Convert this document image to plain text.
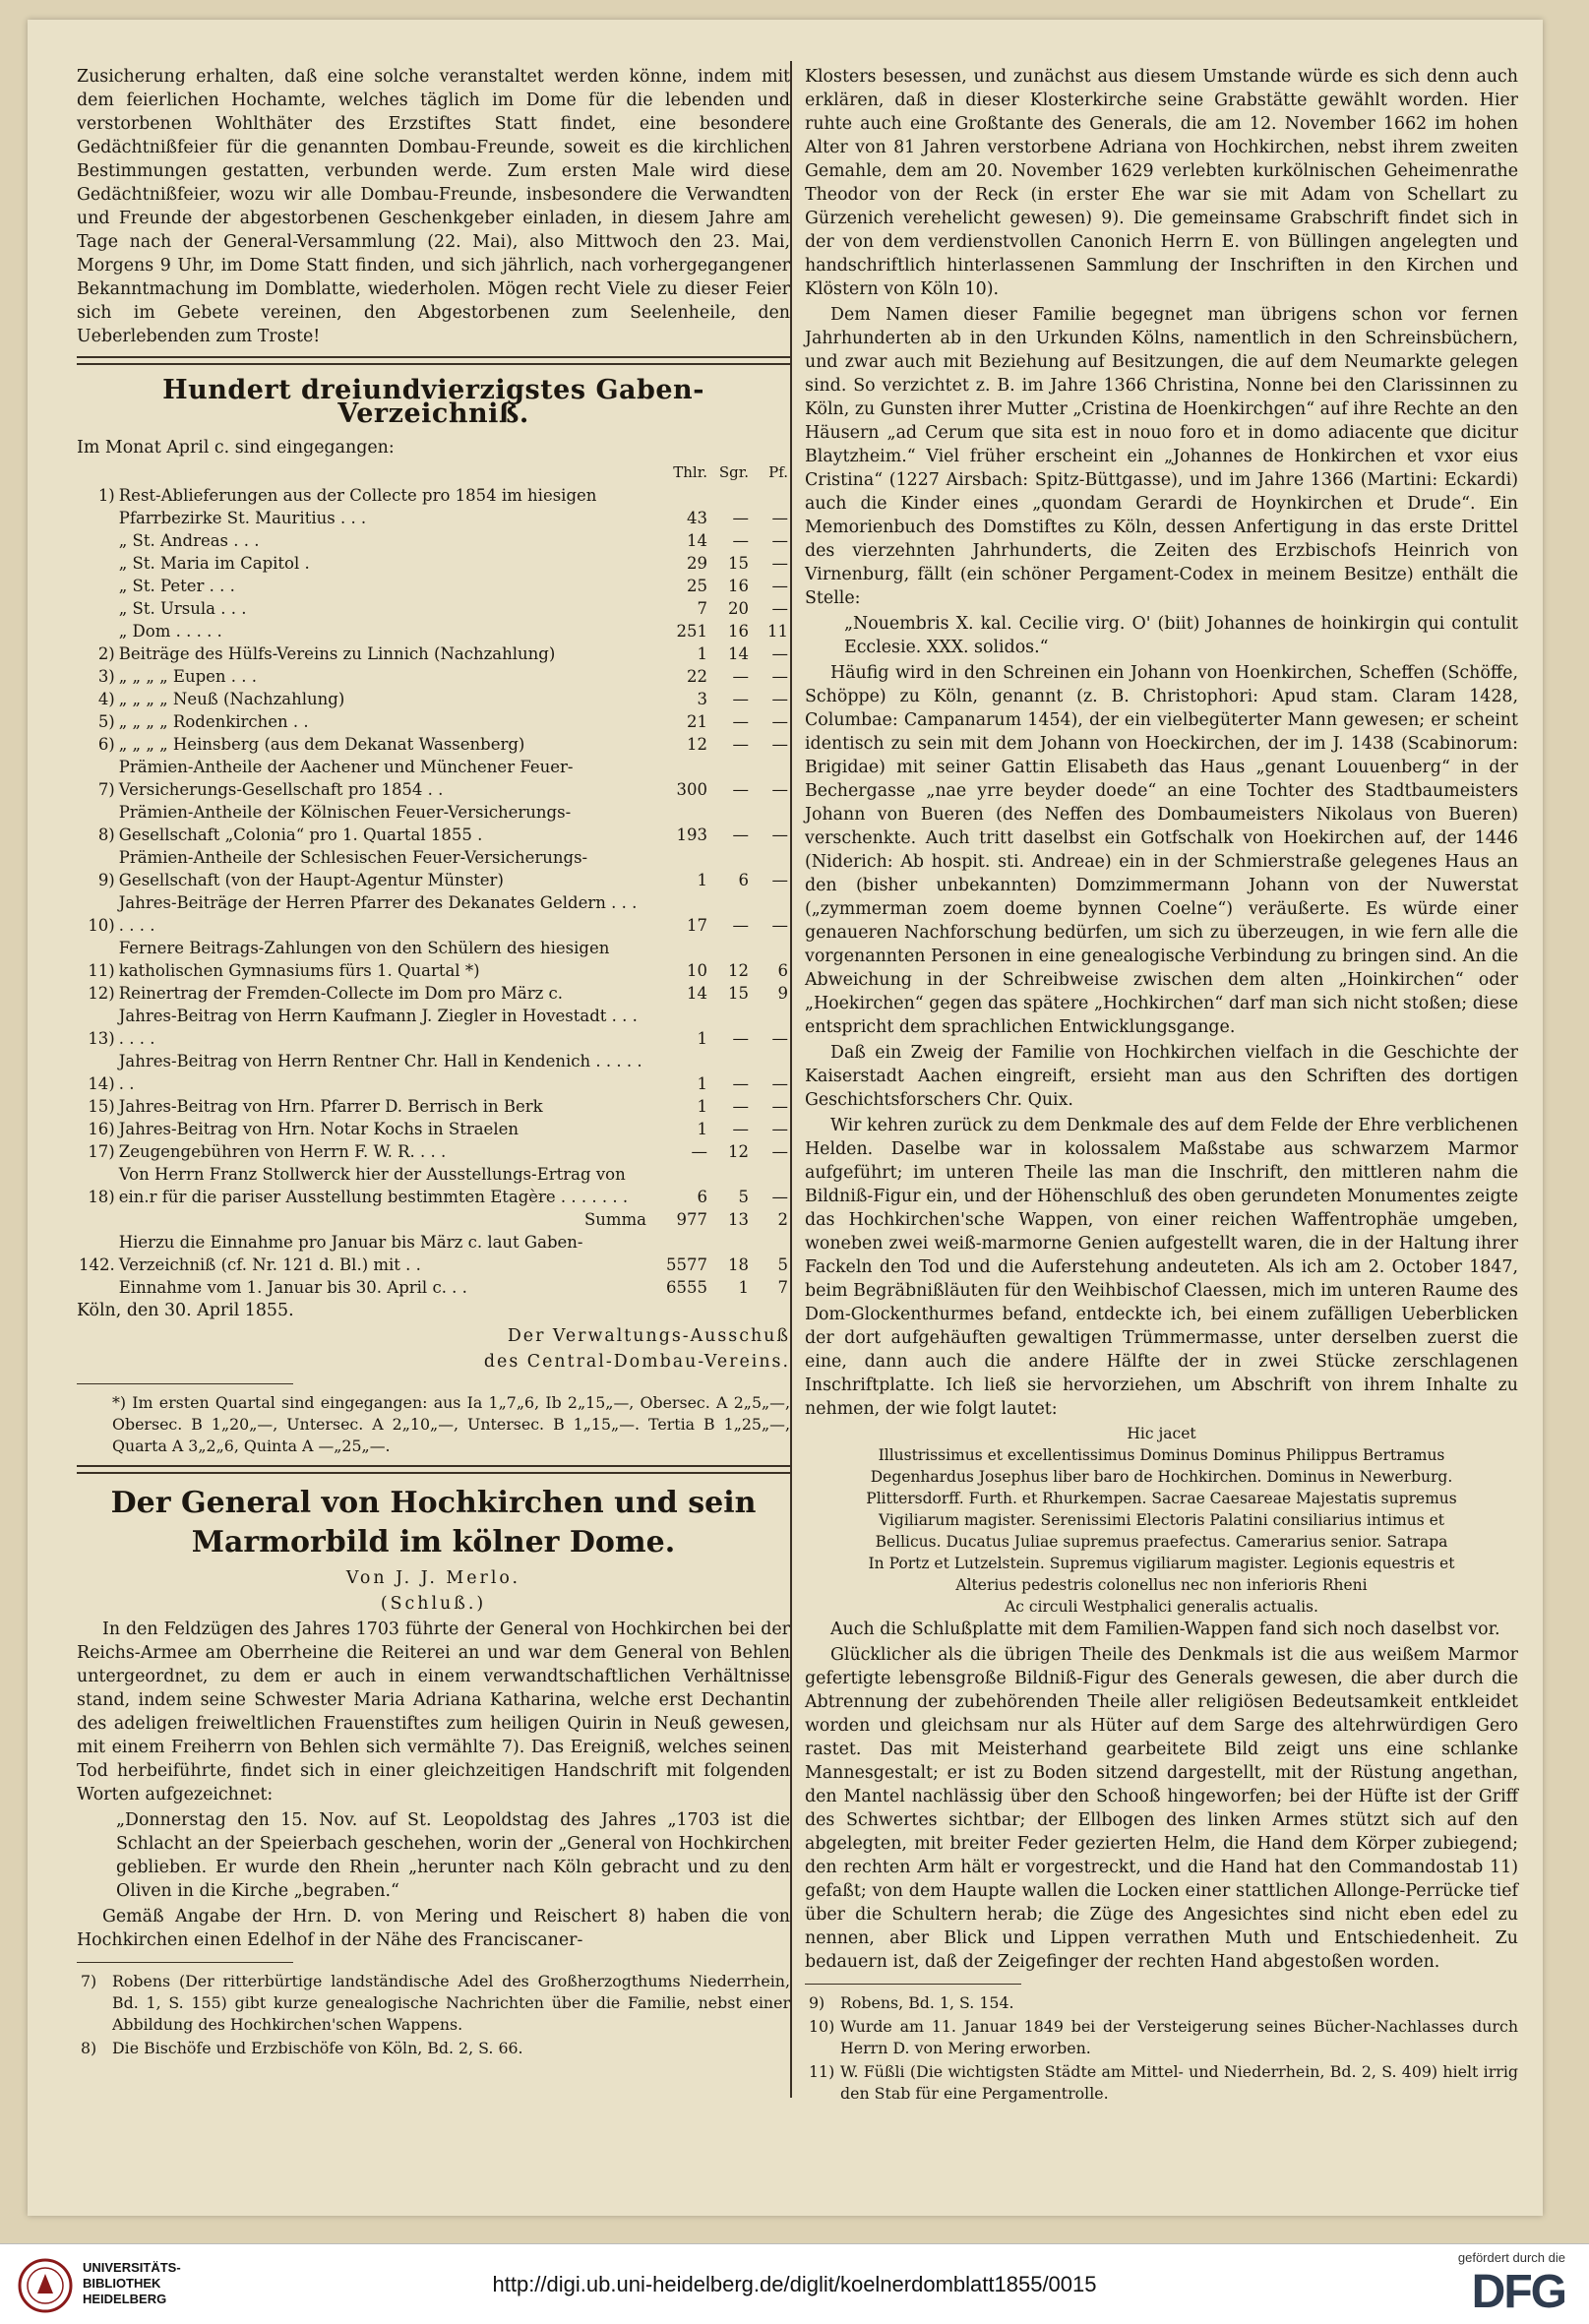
Zusicherung erhalten, daß eine solche veranstaltet werden könne, indem mit dem feierlichen Hochamte, welches täglich im Dome für die lebenden und verstorbenen Wohlthäter des Erzstiftes Statt findet, eine besondere Gedächtnißfeier für die genannten Dombau-Freunde, soweit es die kirchlichen Bestimmungen gestatten, verbunden werde. Zum ersten Male wird diese Gedächtnißfeier, wozu wir alle Dombau-Freunde, insbesondere die Verwandten und Freunde der abgestorbenen Geschenkgeber einladen, in diesem Jahre am Tage nach der General-Versammlung (22. Mai), also Mittwoch den 23. Mai, Morgens 9 Uhr, im Dome Statt finden, und sich jährlich, nach vorhergegangener Bekanntmachung im Domblatte, wiederholen. Mögen recht Viele zu dieser Feier sich im Gebete vereinen, den Abgestorbenen zum Seelenheile, den Ueberlebenden zum Troste!

Hundert dreiundvierzigstes Gaben-Verzeichniß.

Im Monat April c. sind eingegangen:

		Thlr.	Sgr.	Pf.
1)	Rest-Ablieferungen aus der Collecte pro 1854 im hiesigen			
	Pfarrbezirke St. Mauritius . . .	43	—	—
	„ St. Andreas . . .	14	—	—
	„ St. Maria im Capitol .	29	15	—
	„ St. Peter . . .	25	16	—
	„ St. Ursula . . .	7	20	—
	„ Dom . . . . .	251	16	11
2)	Beiträge des Hülfs-Vereins zu Linnich (Nachzahlung)	1	14	—
3)	„ „ „ „ Eupen . . .	22	—	—
4)	„ „ „ „ Neuß (Nachzahlung)	3	—	—
5)	„ „ „ „ Rodenkirchen . .	21	—	—
6)	„ „ „ „ Heinsberg (aus dem Dekanat Wassenberg)	12	—	—
7)	Prämien-Antheile der Aachener und Münchener Feuer-Versicherungs-Gesellschaft pro 1854 . .	300	—	—
8)	Prämien-Antheile der Kölnischen Feuer-Versicherungs-Gesellschaft „Colonia“ pro 1. Quartal 1855 .	193	—	—
9)	Prämien-Antheile der Schlesischen Feuer-Versicherungs-Gesellschaft (von der Haupt-Agentur Münster)	1	6	—
10)	Jahres-Beiträge der Herren Pfarrer des Dekanates Geldern . . . . . . .	17	—	—
11)	Fernere Beitrags-Zahlungen von den Schülern des hiesigen katholischen Gymnasiums fürs 1. Quartal *)	10	12	6
12)	Reinertrag der Fremden-Collecte im Dom pro März c.	14	15	9
13)	Jahres-Beitrag von Herrn Kaufmann J. Ziegler in Hovestadt . . . . . . .	1	—	—
14)	Jahres-Beitrag von Herrn Rentner Chr. Hall in Kendenich . . . . . . .	1	—	—
15)	Jahres-Beitrag von Hrn. Pfarrer D. Berrisch in Berk	1	—	—
16)	Jahres-Beitrag von Hrn. Notar Kochs in Straelen	1	—	—
17)	Zeugengebühren von Herrn F. W. R. . . .	—	12	—
18)	Von Herrn Franz Stollwerck hier der Ausstellungs-Ertrag von ein.r für die pariser Ausstellung bestimmten Etagère . . . . . . .	6	5	—
	Summa	977	13	2
142.	Hierzu die Einnahme pro Januar bis März c. laut Gaben-Verzeichniß (cf. Nr. 121 d. Bl.) mit . .	5577	18	5
	Einnahme vom 1. Januar bis 30. April c. . .	6555	1	7

Köln, den 30. April 1855.

Der Verwaltungs-Ausschuß

des Central-Dombau-Vereins.

*) Im ersten Quartal sind eingegangen: aus Ia 1„7„6, Ib 2„15„—, Obersec. A 2„5„—, Obersec. B 1„20„—, Untersec. A 2„10„—, Untersec. B 1„15„—. Tertia B 1„25„—, Quarta A 3„2„6, Quinta A —„25„—.

Der General von Hochkirchen und sein
Marmorbild im kölner Dome.

Von J. J. Merlo.

(Schluß.)

In den Feldzügen des Jahres 1703 führte der General von Hochkirchen bei der Reichs-Armee am Oberrheine die Reiterei an und war dem General von Behlen untergeordnet, zu dem er auch in einem verwandtschaftlichen Verhältnisse stand, indem seine Schwester Maria Adriana Katharina, welche erst Dechantin des adeligen freiweltlichen Frauenstiftes zum heiligen Quirin in Neuß gewesen, mit einem Freiherrn von Behlen sich vermählte 7). Das Ereigniß, welches seinen Tod herbeiführte, findet sich in einer gleichzeitigen Handschrift mit folgenden Worten aufgezeichnet:

„Donnerstag den 15. Nov. auf St. Leopoldstag des Jahres „1703 ist die Schlacht an der Speierbach geschehen, worin der „General von Hochkirchen geblieben. Er wurde den Rhein „herunter nach Köln gebracht und zu den Oliven in die Kirche „begraben.“

Gemäß Angabe der Hrn. D. von Mering und Reischert 8) haben die von Hochkirchen einen Edelhof in der Nähe des Franciscaner-

7) Robens (Der ritterbürtige landständische Adel des Großherzogthums Niederrhein, Bd. 1, S. 155) gibt kurze genealogische Nachrichten über die Familie, nebst einer Abbildung des Hochkirchen'schen Wappens.

8) Die Bischöfe und Erzbischöfe von Köln, Bd. 2, S. 66.

Klosters besessen, und zunächst aus diesem Umstande würde es sich denn auch erklären, daß in dieser Klosterkirche seine Grabstätte gewählt worden. Hier ruhte auch eine Großtante des Generals, die am 12. November 1662 im hohen Alter von 81 Jahren verstorbene Adriana von Hochkirchen, nebst ihrem zweiten Gemahle, dem am 20. November 1629 verlebten kurkölnischen Geheimenrathe Theodor von der Reck (in erster Ehe war sie mit Adam von Schellart zu Gürzenich verehelicht gewesen) 9). Die gemeinsame Grabschrift findet sich in der von dem verdienstvollen Canonich Herrn E. von Büllingen angelegten und handschriftlich hinterlassenen Sammlung der Inschriften in den Kirchen und Klöstern von Köln 10).

Dem Namen dieser Familie begegnet man übrigens schon vor fernen Jahrhunderten ab in den Urkunden Kölns, namentlich in den Schreinsbüchern, und zwar auch mit Beziehung auf Besitzungen, die auf dem Neumarkte gelegen sind. So verzichtet z. B. im Jahre 1366 Christina, Nonne bei den Clarissinnen zu Köln, zu Gunsten ihrer Mutter „Cristina de Hoenkirchgen“ auf ihre Rechte an den Häusern „ad Cerum que sita est in nouo foro et in domo adiacente que dicitur Blaytzheim.“ Viel früher erscheint ein „Johannes de Honkirchen et vxor eius Cristina“ (1227 Airsbach: Spitz-Büttgasse), und im Jahre 1366 (Martini: Eckardi) auch die Kinder eines „quondam Gerardi de Hoynkirchen et Drude“. Ein Memorienbuch des Domstiftes zu Köln, dessen Anfertigung in das erste Drittel des vierzehnten Jahrhunderts, die Zeiten des Erzbischofs Heinrich von Virnenburg, fällt (ein schöner Pergament-Codex in meinem Besitze) enthält die Stelle:

„Nouembris X. kal. Cecilie virg. O' (biit) Johannes de hoinkirgin qui contulit Ecclesie. XXX. solidos.“

Häufig wird in den Schreinen ein Johann von Hoenkirchen, Scheffen (Schöffe, Schöppe) zu Köln, genannt (z. B. Christophori: Apud stam. Claram 1428, Columbae: Campanarum 1454), der ein vielbegüterter Mann gewesen; er scheint identisch zu sein mit dem Johann von Hoeckirchen, der im J. 1438 (Scabinorum: Brigidae) mit seiner Gattin Elisabeth das Haus „genant Louuenberg“ in der Bechergasse „nae yrre beyder doede“ an eine Tochter des Stadtbaumeisters Johann von Bueren (des Neffen des Dombaumeisters Nikolaus von Bueren) verschenkte. Auch tritt daselbst ein Gotfschalk von Hoekirchen auf, der 1446 (Niderich: Ab hospit. sti. Andreae) ein in der Schmierstraße gelegenes Haus an den (bisher unbekannten) Domzimmermann Johann von der Nuwerstat („zymmerman zoem doeme bynnen Coelne“) veräußerte. Es würde einer genaueren Nachforschung bedürfen, um sich zu überzeugen, in wie fern alle die vorgenannten Personen in eine genealogische Verbindung zu bringen sind. An die Abweichung in der Schreibweise zwischen dem alten „Hoinkirchen“ oder „Hoekirchen“ gegen das spätere „Hochkirchen“ darf man sich nicht stoßen; diese entspricht dem sprachlichen Entwicklungsgange.

Daß ein Zweig der Familie von Hochkirchen vielfach in die Geschichte der Kaiserstadt Aachen eingreift, ersieht man aus den Schriften des dortigen Geschichtsforschers Chr. Quix.

Wir kehren zurück zu dem Denkmale des auf dem Felde der Ehre verblichenen Helden. Daselbe war in kolossalem Maßstabe aus schwarzem Marmor aufgeführt; im unteren Theile las man die Inschrift, den mittleren nahm die Bildniß-Figur ein, und der Höhenschluß des oben gerundeten Monumentes zeigte das Hochkirchen'sche Wappen, von einer reichen Waffentrophäe umgeben, woneben zwei weiß-marmorne Genien aufgestellt waren, die in der Haltung ihrer Fackeln den Tod und die Auferstehung andeuteten. Als ich am 2. October 1847, beim Begräbnißläuten für den Weihbischof Claessen, mich im unteren Raume des Dom-Glockenthurmes befand, entdeckte ich, bei einem zufälligen Ueberblicken der dort aufgehäuften gewaltigen Trümmermasse, unter derselben zuerst die eine, dann auch die andere Hälfte der in zwei Stücke zerschlagenen Inschriftplatte. Ich ließ sie hervorziehen, um Abschrift von ihrem Inhalte zu nehmen, der wie folgt lautet:

Hic jacet
Illustrissimus et excellentissimus Dominus Dominus Philippus Bertramus
Degenhardus Josephus liber baro de Hochkirchen. Dominus in Newerburg.
Plittersdorff. Furth. et Rhurkempen. Sacrae Caesareae Majestatis supremus
Vigiliarum magister. Serenissimi Electoris Palatini consiliarius intimus et
Bellicus. Ducatus Juliae supremus praefectus. Camerarius senior. Satrapa
In Portz et Lutzelstein. Supremus vigiliarum magister. Legionis equestris et
Alterius pedestris colonellus nec non inferioris Rheni
Ac circuli Westphalici generalis actualis.

Auch die Schlußplatte mit dem Familien-Wappen fand sich noch daselbst vor.

Glücklicher als die übrigen Theile des Denkmals ist die aus weißem Marmor gefertigte lebensgroße Bildniß-Figur des Generals gewesen, die aber durch die Abtrennung der zubehörenden Theile aller religiösen Bedeutsamkeit entkleidet worden und gleichsam nur als Hüter auf dem Sarge des altehrwürdigen Gero rastet. Das mit Meisterhand gearbeitete Bild zeigt uns eine schlanke Mannesgestalt; er ist zu Boden sitzend dargestellt, mit der Rüstung angethan, den Mantel nachlässig über den Schooß hingeworfen; bei der Hüfte ist der Griff des Schwertes sichtbar; der Ellbogen des linken Armes stützt sich auf den abgelegten, mit breiter Feder gezierten Helm, die Hand dem Körper zubiegend; den rechten Arm hält er vorgestreckt, und die Hand hat den Commandostab 11) gefaßt; von dem Haupte wallen die Locken einer stattlichen Allonge-Perrücke tief über die Schultern herab; die Züge des Angesichtes sind nicht eben edel zu nennen, aber Blick und Lippen verrathen Muth und Entschiedenheit. Zu bedauern ist, daß der Zeigefinger der rechten Hand abgestoßen worden.

9) Robens, Bd. 1, S. 154.

10) Wurde am 11. Januar 1849 bei der Versteigerung seines Bücher-Nachlasses durch Herrn D. von Mering erworben.

11) W. Füßli (Die wichtigsten Städte am Mittel- und Niederrhein, Bd. 2, S. 409) hielt irrig den Stab für eine Pergamentrolle.

UNIVERSITÄTS-
BIBLIOTHEK
HEIDELBERG
http://digi.ub.uni-heidelberg.de/diglit/koelnerdomblatt1855/0015
gefördert durch die
DFG
